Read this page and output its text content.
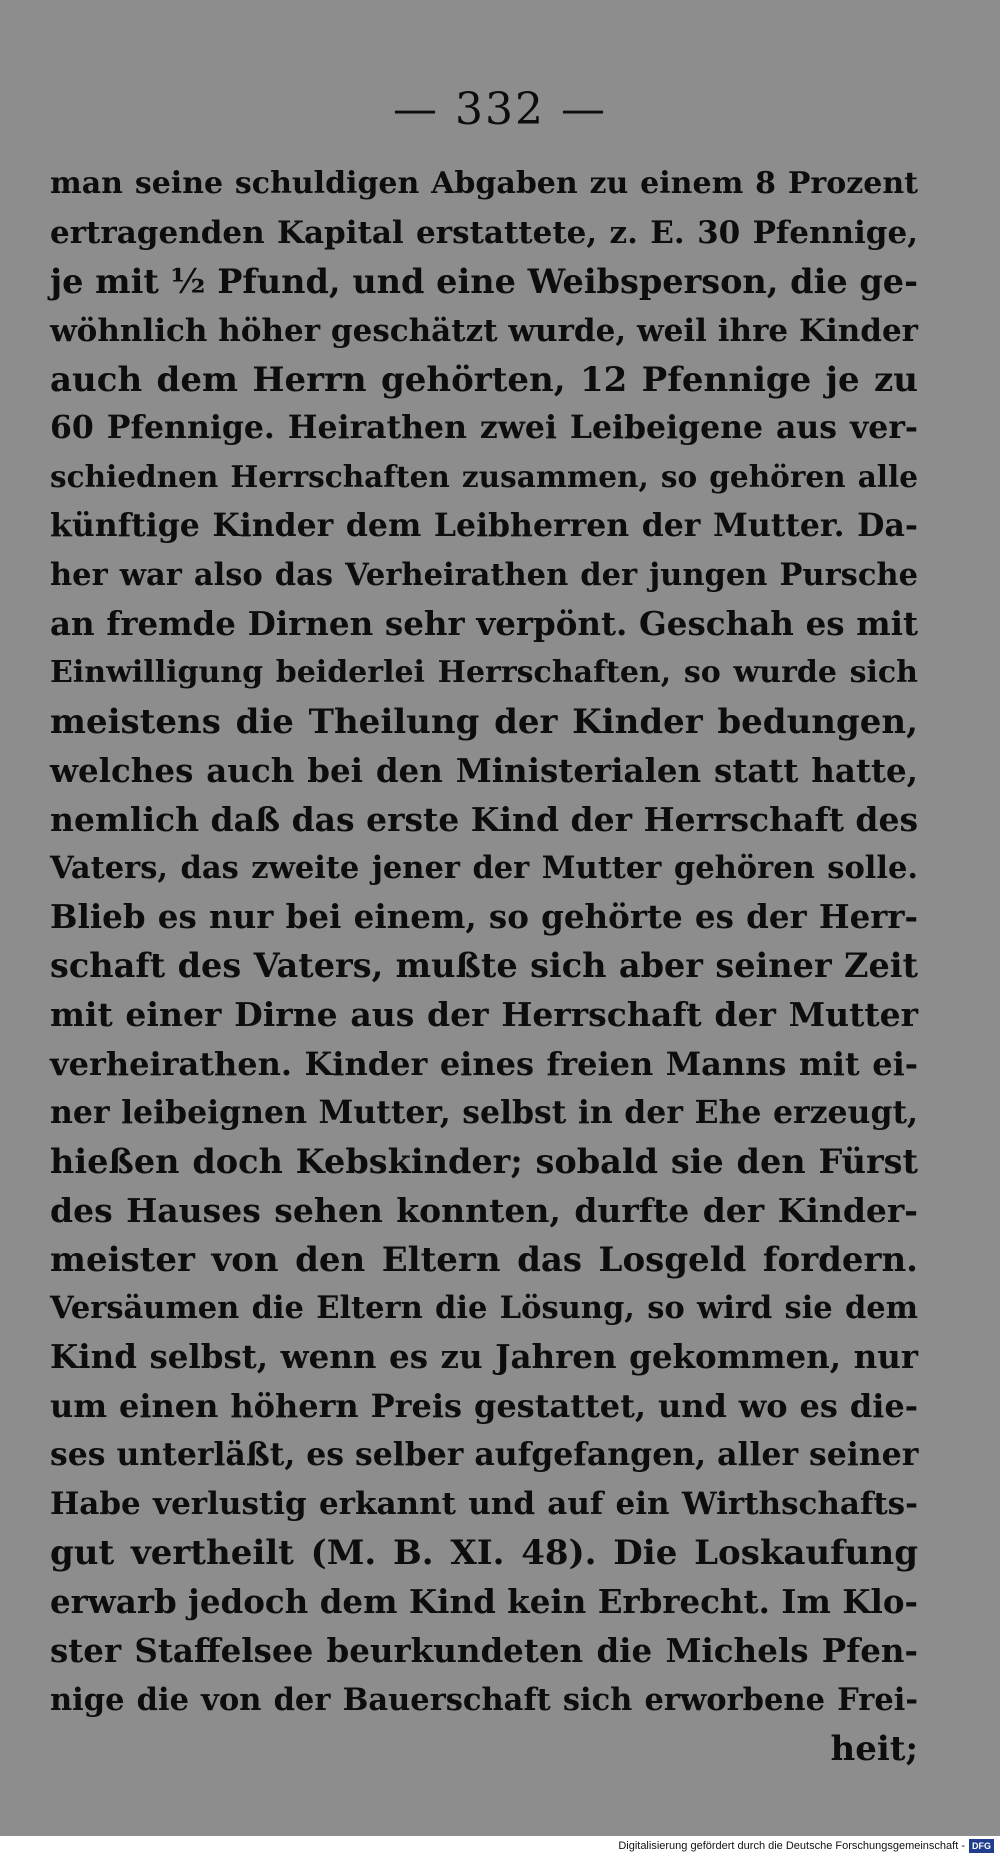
— 332 —
man seine schuldigen Abgaben zu einem 8 Prozent
ertragenden Kapital erstattete, z. E. 30 Pfennige,
je mit ½ Pfund, und eine Weibsperson, die ge-
wöhnlich höher geschätzt wurde, weil ihre Kinder
auch dem Herrn gehörten, 12 Pfennige je zu
60 Pfennige. Heirathen zwei Leibeigene aus ver-
schiednen Herrschaften zusammen, so gehören alle
künftige Kinder dem Leibherren der Mutter. Da-
her war also das Verheirathen der jungen Pursche
an fremde Dirnen sehr verpönt. Geschah es mit
Einwilligung beiderlei Herrschaften, so wurde sich
meistens die Theilung der Kinder bedungen,
welches auch bei den Ministerialen statt hatte,
nemlich daß das erste Kind der Herrschaft des
Vaters, das zweite jener der Mutter gehören solle.
Blieb es nur bei einem, so gehörte es der Herr-
schaft des Vaters, mußte sich aber seiner Zeit
mit einer Dirne aus der Herrschaft der Mutter
verheirathen. Kinder eines freien Manns mit ei-
ner leibeignen Mutter, selbst in der Ehe erzeugt,
hießen doch Kebskinder; sobald sie den Fürst
des Hauses sehen konnten, durfte der Kinder-
meister von den Eltern das Losgeld fordern.
Versäumen die Eltern die Lösung, so wird sie dem
Kind selbst, wenn es zu Jahren gekommen, nur
um einen höhern Preis gestattet, und wo es die-
ses unterläßt, es selber aufgefangen, aller seiner
Habe verlustig erkannt und auf ein Wirthschafts-
gut vertheilt (M. B. XI. 48). Die Loskaufung
erwarb jedoch dem Kind kein Erbrecht. Im Klo-
ster Staffelsee beurkundeten die Michels Pfen-
nige die von der Bauerschaft sich erworbene Frei-
heit;
Digitalisierung gefördert durch die Deutsche Forschungsgemeinschaft - DFG
